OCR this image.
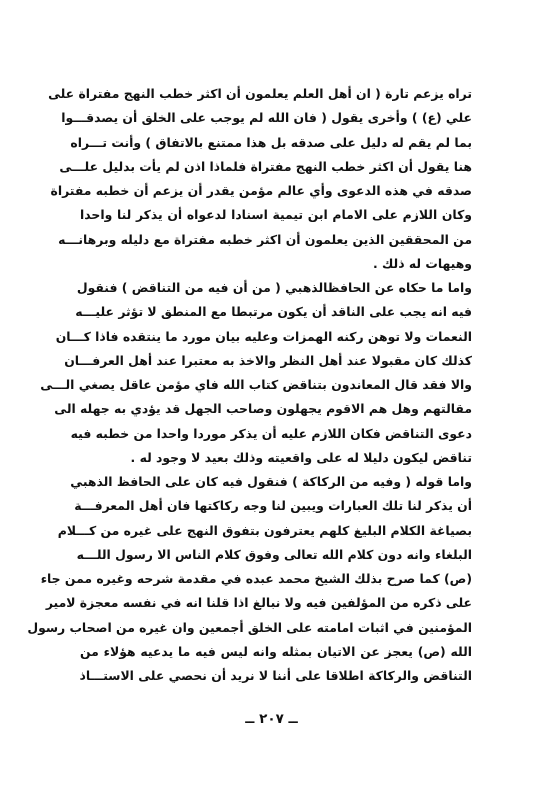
تراه يزعم تارة ( ان أهل العلم يعلمون أن اكثر خطب النهج مفتراة على
علي (ع) ) وأخرى يقول ( فان الله لم يوجب على الخلق أن يصدقـــوا
بما لم يقم له دليل على صدقه بل هذا ممتنع بالاتفاق ) وأنت تـــراه
هنا يقول أن اكثر خطب النهج مفتراة فلماذا اذن لم يأت بدليل علـــى
صدقه في هذه الدعوى وأي عالم مؤمن يقدر أن يزعم أن خطبه مفتراة
وكان اللازم على الامام ابن تيمية اسنادا لدعواه أن يذكر لنا واحدا
من المحققين الذين يعلمون أن اكثر خطبه مفتراة مع دليله وبرهانـــه
وهيهات له ذلك .
واما ما حكاه عن الحافظالذهبي ( من أن فيه من التناقض ) فنقول
فيه انه يجب على الناقد أن يكون مرتبطا مع المنطق لا تؤثر عليـــه
النعمات ولا توهن ركنه الهمزات وعليه بيان مورد ما ينتقده فاذا كـــان
كذلك كان مقبولا عند أهل النظر والاخذ به معتبرا عند أهل العرفـــان
والا فقد قال المعاندون بتناقض كتاب الله فاي مؤمن عاقل يصغي الـــى
مقالتهم وهل هم الاقوم يجهلون وصاحب الجهل قد يؤدي به جهله الى
دعوى التناقض فكان اللازم عليه أن يذكر موردا واحدا من خطبه فيه
تناقض ليكون دليلا له على واقعيته وذلك بعيد لا وجود له .
واما قوله ( وفيه من الركاكة ) فنقول فيه كان على الحافظ الذهبي
أن يذكر لنا تلك العبارات ويبين لنا وجه ركاكتها فان أهل المعرفـــة
بصياغة الكلام البليغ كلهم يعترفون بتفوق النهج على غيره من كـــلام
البلغاء وانه دون كلام الله تعالى وفوق كلام الناس الا رسول اللـــه
(ص) كما صرح بذلك الشيخ محمد عبده في مقدمة شرحه وغيره ممن جاء
على ذكره من المؤلفين فيه ولا نبالغ اذا قلنا انه في نفسه معجزة لامير
المؤمنين في اثبات امامته على الخلق أجمعين وان غيره من اصحاب رسول
الله (ص) يعجز عن الاتيان بمثله وانه ليس فيه ما يدعيه هؤلاء من
التناقض والركاكة اطلاقا على أننا لا نريد أن نحصي على الاستـــاذ
ــ ٢٠٧ ــ
